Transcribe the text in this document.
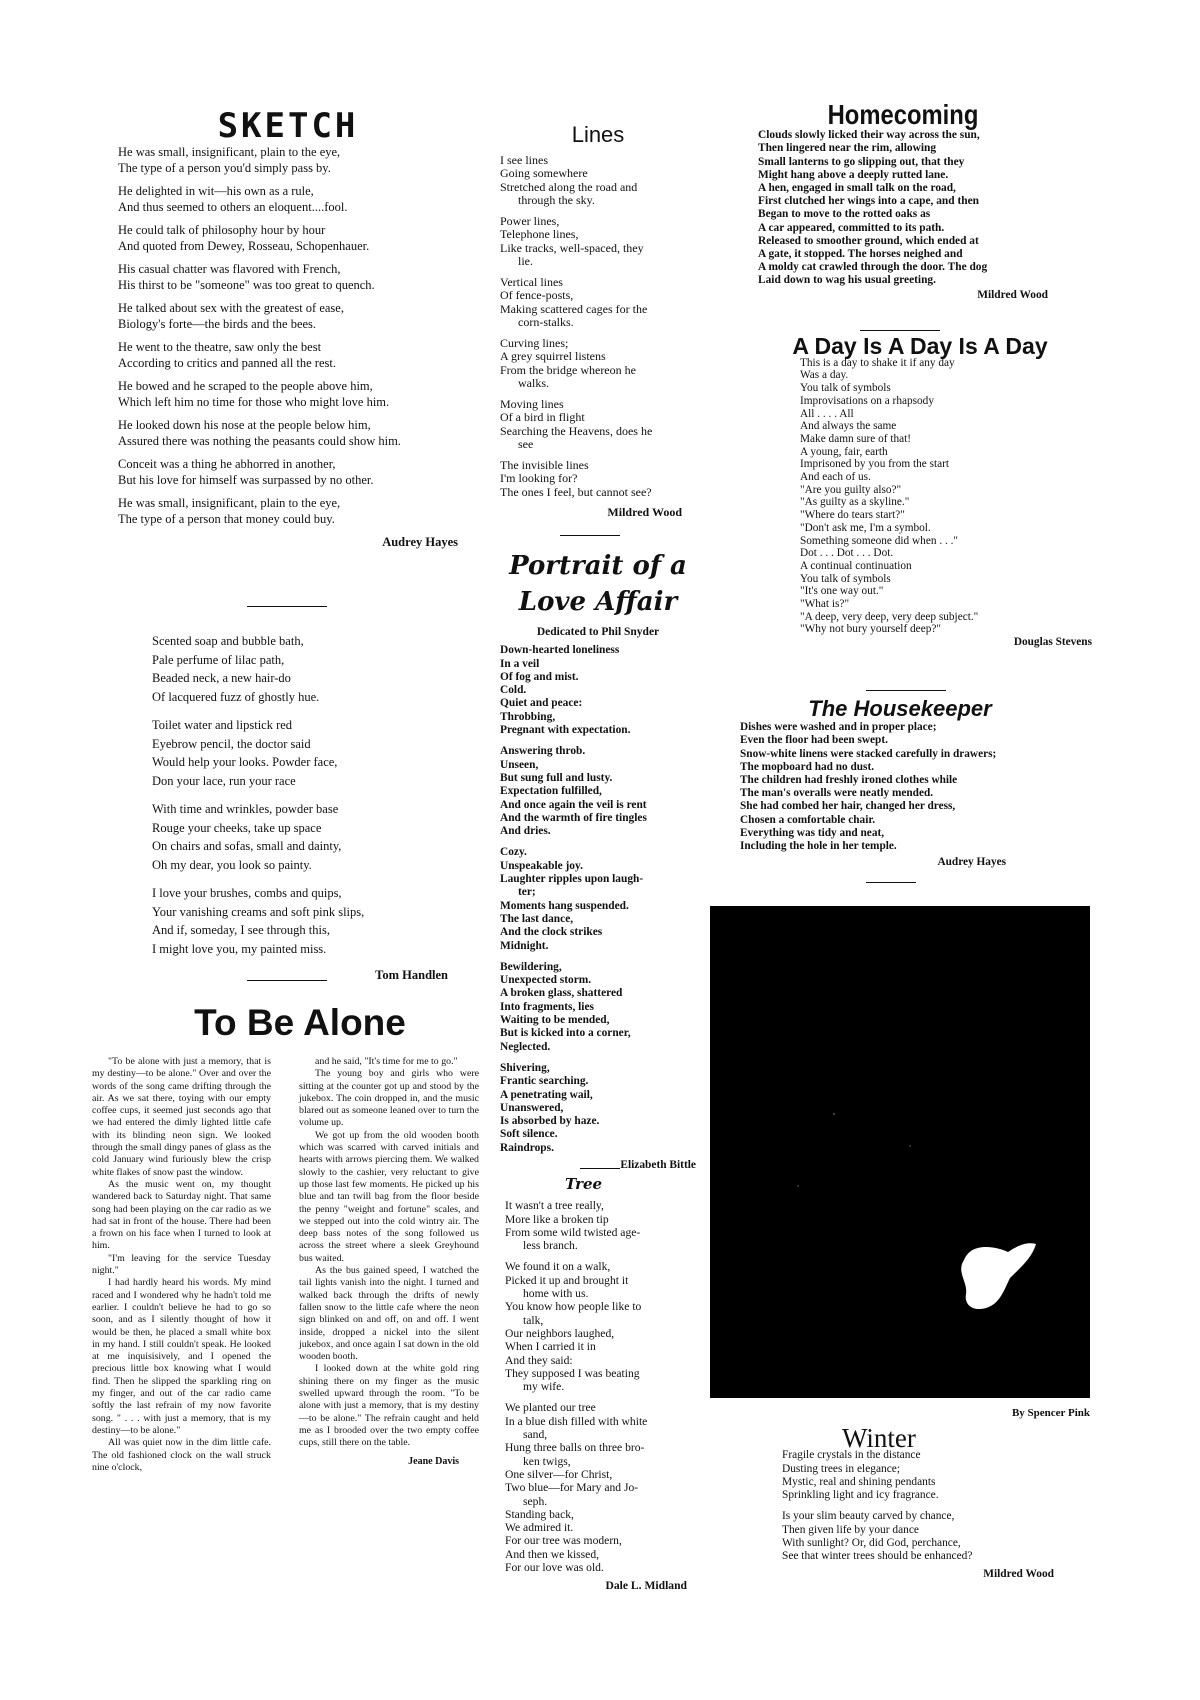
SKETCH
He was small, insignificant, plain to the eye,
The type of a person you'd simply pass by.
He delighted in wit—his own as a rule,
And thus seemed to others an eloquent....fool.
He could talk of philosophy hour by hour
And quoted from Dewey, Rosseau, Schopenhauer.
His casual chatter was flavored with French,
His thirst to be "someone" was too great to quench.
He talked about sex with the greatest of ease,
Biology's forte—the birds and the bees.
He went to the theatre, saw only the best
According to critics and panned all the rest.
He bowed and he scraped to the people above him,
Which left him no time for those who might love him.
He looked down his nose at the people below him,
Assured there was nothing the peasants could show him.
Conceit was a thing he abhorred in another,
But his love for himself was surpassed by no other.
He was small, insignificant, plain to the eye,
The type of a person that money could buy.
Audrey Hayes
Scented soap and bubble bath,
Pale perfume of lilac path,
Beaded neck, a new hair-do
Of lacquered fuzz of ghostly hue.
Toilet water and lipstick red
Eyebrow pencil, the doctor said
Would help your looks. Powder face,
Don your lace, run your race
With time and wrinkles, powder base
Rouge your cheeks, take up space
On chairs and sofas, small and dainty,
Oh my dear, you look so painty.
I love your brushes, combs and quips,
Your vanishing creams and soft pink slips,
And if, someday, I see through this,
I might love you, my painted miss.
Tom Handlen
To Be Alone

"To be alone with just a memory, that is my destiny—to be alone." Over and over the words of the song came drifting through the air. As we sat there, toying with our empty coffee cups, it seemed just seconds ago that we had entered the dimly lighted little cafe with its blinding neon sign. We looked through the small dingy panes of glass as the cold January wind furiously blew the crisp white flakes of snow past the window.

As the music went on, my thought wandered back to Saturday night. That same song had been playing on the car radio as we had sat in front of the house. There had been a frown on his face when I turned to look at him.

"I'm leaving for the service Tuesday night."

I had hardly heard his words. My mind raced and I wondered why he hadn't told me earlier. I couldn't believe he had to go so soon, and as I silently thought of how it would be then, he placed a small white box in my hand. I still couldn't speak. He looked at me inquisisively, and I opened the precious little box knowing what I would find. Then he slipped the sparkling ring on my finger, and out of the car radio came softly the last refrain of my now favorite song. " . . . with just a memory, that is my destiny—to be alone."

All was quiet now in the dim little cafe. The old fashioned clock on the wall struck nine o'clock,

and he said, "It's time for me to go."

The young boy and girls who were sitting at the counter got up and stood by the jukebox. The coin dropped in, and the music blared out as someone leaned over to turn the volume up.

We got up from the old wooden booth which was scarred with carved initials and hearts with arrows piercing them. We walked slowly to the cashier, very reluctant to give up those last few moments. He picked up his blue and tan twill bag from the floor beside the penny "weight and fortune" scales, and we stepped out into the cold wintry air. The deep bass notes of the song followed us across the street where a sleek Greyhound bus waited.

As the bus gained speed, I watched the tail lights vanish into the night. I turned and walked back through the drifts of newly fallen snow to the little cafe where the neon sign blinked on and off, on and off. I went inside, dropped a nickel into the silent jukebox, and once again I sat down in the old wooden booth.

I looked down at the white gold ring shining there on my finger as the music swelled upward through the room. "To be alone with just a memory, that is my destiny—to be alone." The refrain caught and held me as I brooded over the two empty coffee cups, still there on the table.

Jeane Davis
Lines
I see lines
Going somewhere
Stretched along the road and
through the sky.
Power lines,
Telephone lines,
Like tracks, well-spaced, they
lie.
Vertical lines
Of fence-posts,
Making scattered cages for the
corn-stalks.
Curving lines;
A grey squirrel listens
From the bridge whereon he
walks.
Moving lines
Of a bird in flight
Searching the Heavens, does he
see
The invisible lines
I'm looking for?
The ones I feel, but cannot see?
Mildred Wood
Portrait of a
Love Affair
Dedicated to Phil Snyder
Down-hearted loneliness
In a veil
Of fog and mist.
Cold.
Quiet and peace:
Throbbing,
Pregnant with expectation.
Answering throb.
Unseen,
But sung full and lusty.
Expectation fulfilled,
And once again the veil is rent
And the warmth of fire tingles
And dries.
Cozy.
Unspeakable joy.
Laughter ripples upon laugh-
ter;
Moments hang suspended.
The last dance,
And the clock strikes
Midnight.
Bewildering,
Unexpected storm.
A broken glass, shattered
Into fragments, lies
Waiting to be mended,
But is kicked into a corner,
Neglected.
Shivering,
Frantic searching.
A penetrating wail,
Unanswered,
Is absorbed by haze.
Soft silence.
Raindrops.
Elizabeth Bittle
Tree
It wasn't a tree really,
More like a broken tip
From some wild twisted age-
less branch.
We found it on a walk,
Picked it up and brought it
home with us.
You know how people like to
talk,
Our neighbors laughed,
When I carried it in
And they said:
They supposed I was beating
my wife.
We planted our tree
In a blue dish filled with white
sand,
Hung three balls on three bro-
ken twigs,
One silver—for Christ,
Two blue—for Mary and Jo-
seph.
Standing back,
We admired it.
For our tree was modern,
And then we kissed,
For our love was old.
Dale L. Midland
Homecoming
Clouds slowly licked their way across the sun,
Then lingered near the rim, allowing
Small lanterns to go slipping out, that they
Might hang above a deeply rutted lane.
A hen, engaged in small talk on the road,
First clutched her wings into a cape, and then
Began to move to the rotted oaks as
A car appeared, committed to its path.
Released to smoother ground, which ended at
A gate, it stopped. The horses neighed and
A moldy cat crawled through the door. The dog
Laid down to wag his usual greeting.
Mildred Wood
A Day Is A Day Is A Day
This is a day to shake it if any day
Was a day.
You talk of symbols
Improvisations on a rhapsody
All . . . . All
And always the same
Make damn sure of that!
A young, fair, earth
Imprisoned by you from the start
And each of us.
"Are you guilty also?"
"As guilty as a skyline."
"Where do tears start?"
"Don't ask me, I'm a symbol.
Something someone did when . . ."
Dot . . . Dot . . . Dot.
A continual continuation
You talk of symbols
"It's one way out."
"What is?"
"A deep, very deep, very deep subject."
"Why not bury yourself deep?"
Douglas Stevens
The Housekeeper
Dishes were washed and in proper place;
Even the floor had been swept.
Snow-white linens were stacked carefully in drawers;
The mopboard had no dust.
The children had freshly ironed clothes while
The man's overalls were neatly mended.
She had combed her hair, changed her dress,
Chosen a comfortable chair.
Everything was tidy and neat,
Including the hole in her temple.
Audrey Hayes
By Spencer Pink
Winter
Fragile crystals in the distance
Dusting trees in elegance;
Mystic, real and shining pendants
Sprinkling light and icy fragrance.
Is your slim beauty carved by chance,
Then given life by your dance
With sunlight? Or, did God, perchance,
See that winter trees should be enhanced?
Mildred Wood
